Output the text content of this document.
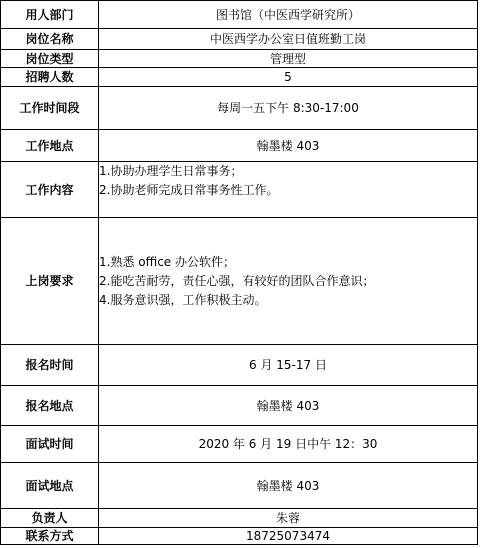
用人部门	图书馆（中医西学研究所）
岗位名称	中医西学办公室日值班勤工岗
岗位类型	管理型
招聘人数	5
工作时间段	每周一五下午 8:30-17:00
工作地点	翰墨楼 403
工作内容	1.协助办理学生日常事务；
2.协助老师完成日常事务性工作。

上岗要求	1.熟悉 office 办公软件；
2.能吃苦耐劳，责任心强，有较好的团队合作意识；
4.服务意识强，工作积极主动。

报名时间	6 月 15-17 日
报名地点	翰墨楼 403
面试时间	2020 年 6 月 19 日中午 12：30
面试地点	翰墨楼 403
负责人	朱蓉
联系方式	18725073474
